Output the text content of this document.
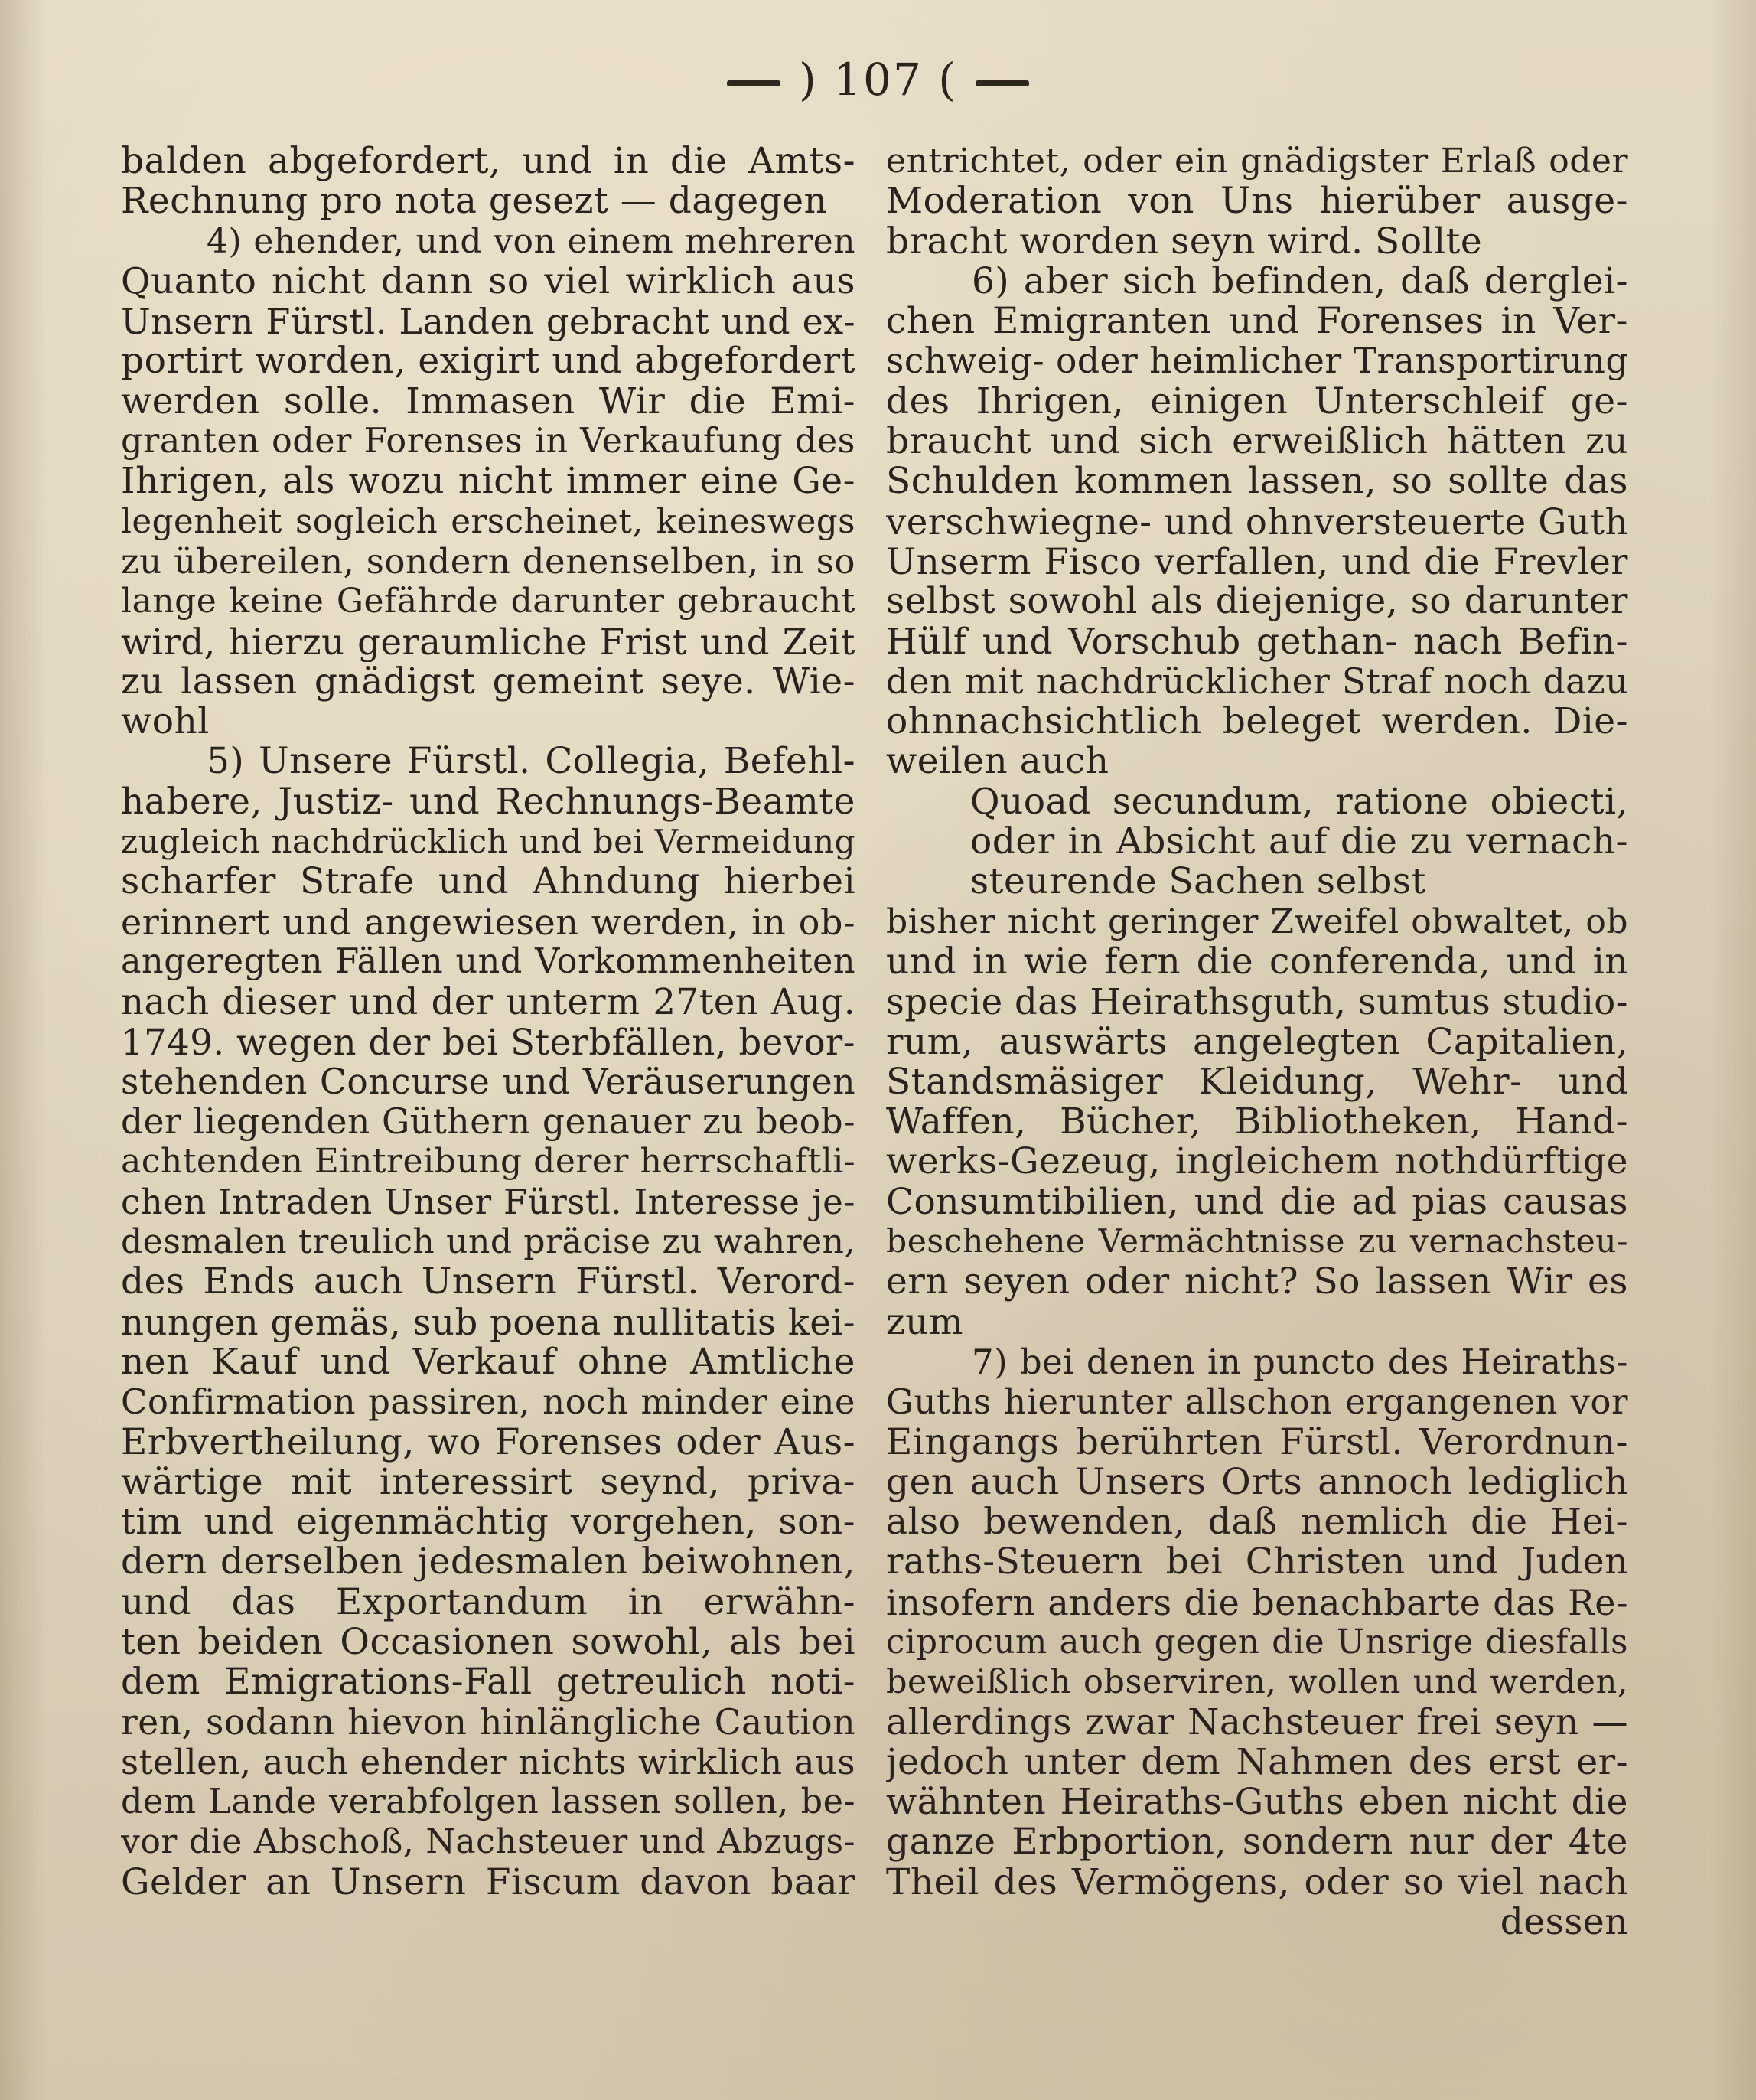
) 107 (
balden abgefordert, und in die Amts-
Rechnung pro nota gesezt — dagegen
4) ehender, und von einem mehreren
Quanto nicht dann so viel wirklich aus
Unsern Fürstl. Landen gebracht und ex-
portirt worden, exigirt und abgefordert
werden solle. Immasen Wir die Emi-
granten oder Forenses in Verkaufung des
Ihrigen, als wozu nicht immer eine Ge-
legenheit sogleich erscheinet, keineswegs
zu übereilen, sondern denenselben, in so
lange keine Gefährde darunter gebraucht
wird, hierzu geraumliche Frist und Zeit
zu lassen gnädigst gemeint seye. Wie-
wohl
5) Unsere Fürstl. Collegia, Befehl-
habere, Justiz- und Rechnungs-Beamte
zugleich nachdrücklich und bei Vermeidung
scharfer Strafe und Ahndung hierbei
erinnert und angewiesen werden, in ob-
angeregten Fällen und Vorkommenheiten
nach dieser und der unterm 27ten Aug.
1749. wegen der bei Sterbfällen, bevor-
stehenden Concurse und Veräuserungen
der liegenden Güthern genauer zu beob-
achtenden Eintreibung derer herrschaftli-
chen Intraden Unser Fürstl. Interesse je-
desmalen treulich und präcise zu wahren,
des Ends auch Unsern Fürstl. Verord-
nungen gemäs, sub poena nullitatis kei-
nen Kauf und Verkauf ohne Amtliche
Confirmation passiren, noch minder eine
Erbvertheilung, wo Forenses oder Aus-
wärtige mit interessirt seynd, priva-
tim und eigenmächtig vorgehen, son-
dern derselben jedesmalen beiwohnen,
und das Exportandum in erwähn-
ten beiden Occasionen sowohl, als bei
dem Emigrations-Fall getreulich noti-
ren, sodann hievon hinlängliche Caution
stellen, auch ehender nichts wirklich aus
dem Lande verabfolgen lassen sollen, be-
vor die Abschoß, Nachsteuer und Abzugs-
Gelder an Unsern Fiscum davon baar
entrichtet, oder ein gnädigster Erlaß oder
Moderation von Uns hierüber ausge-
bracht worden seyn wird. Sollte
6) aber sich befinden, daß derglei-
chen Emigranten und Forenses in Ver-
schweig- oder heimlicher Transportirung
des Ihrigen, einigen Unterschleif ge-
braucht und sich erweißlich hätten zu
Schulden kommen lassen, so sollte das
verschwiegne- und ohnversteuerte Guth
Unserm Fisco verfallen, und die Frevler
selbst sowohl als diejenige, so darunter
Hülf und Vorschub gethan- nach Befin-
den mit nachdrücklicher Straf noch dazu
ohnnachsichtlich beleget werden. Die-
weilen auch
Quoad secundum, ratione obiecti,
oder in Absicht auf die zu vernach-
steurende Sachen selbst
bisher nicht geringer Zweifel obwaltet, ob
und in wie fern die conferenda, und in
specie das Heirathsguth, sumtus studio-
rum, auswärts angelegten Capitalien,
Standsmäsiger Kleidung, Wehr- und
Waffen, Bücher, Bibliotheken, Hand-
werks-Gezeug, ingleichem nothdürftige
Consumtibilien, und die ad pias causas
beschehene Vermächtnisse zu vernachsteu-
ern seyen oder nicht? So lassen Wir es
zum
7) bei denen in puncto des Heiraths-
Guths hierunter allschon ergangenen vor
Eingangs berührten Fürstl. Verordnun-
gen auch Unsers Orts annoch lediglich
also bewenden, daß nemlich die Hei-
raths-Steuern bei Christen und Juden
insofern anders die benachbarte das Re-
ciprocum auch gegen die Unsrige diesfalls
beweißlich observiren, wollen und werden,
allerdings zwar Nachsteuer frei seyn —
jedoch unter dem Nahmen des erst er-
wähnten Heiraths-Guths eben nicht die
ganze Erbportion, sondern nur der 4te
Theil des Vermögens, oder so viel nach
dessen
